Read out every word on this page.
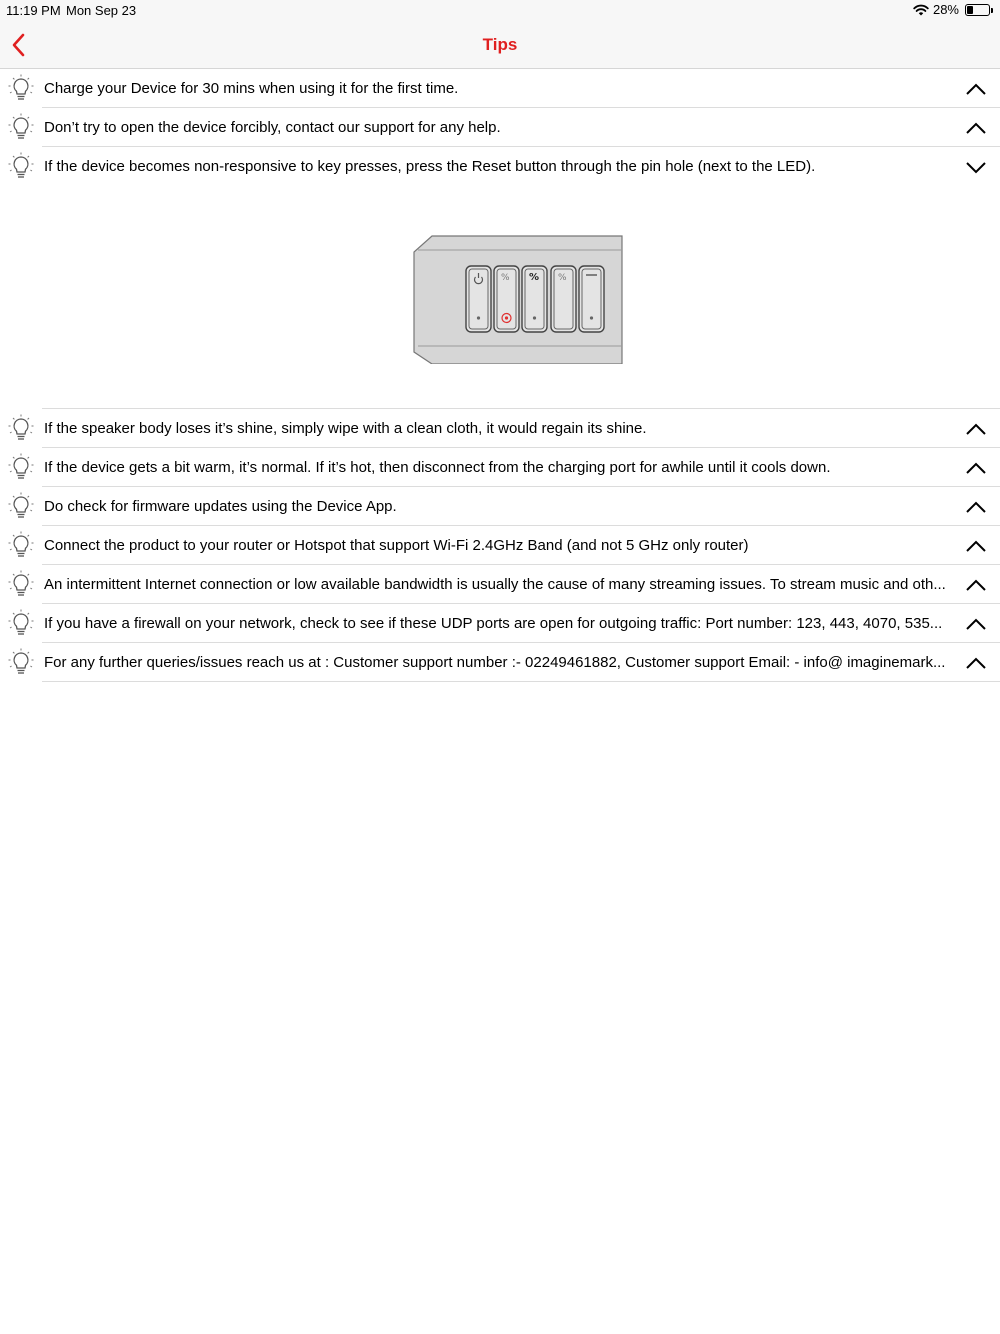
11:19 PM Mon Sep 23	28%
Tips
Charge your Device for 30 mins when using it for the first time.
Don’t try to open the device forcibly, contact our support for any help.
If the device becomes non-responsive to key presses, press the Reset button through the pin hole (next to the LED).
% % %
If the speaker body loses it’s shine, simply wipe with a clean cloth, it would regain its shine.
If the device gets a bit warm, it’s normal. If it’s hot, then disconnect from the charging port for awhile until it cools down.
Do check for firmware updates using the Device App.
Connect the product to your router or Hotspot that support Wi-Fi 2.4GHz Band (and not 5 GHz only router)
An intermittent Internet connection or low available bandwidth is usually the cause of many streaming issues. To stream music and oth...
If you have a firewall on your network, check to see if these UDP ports are open for outgoing traffic: Port number: 123, 443, 4070, 535...
For any further queries/issues reach us at : Customer support number :- 02249461882, Customer support Email: - info@ imaginemark...
